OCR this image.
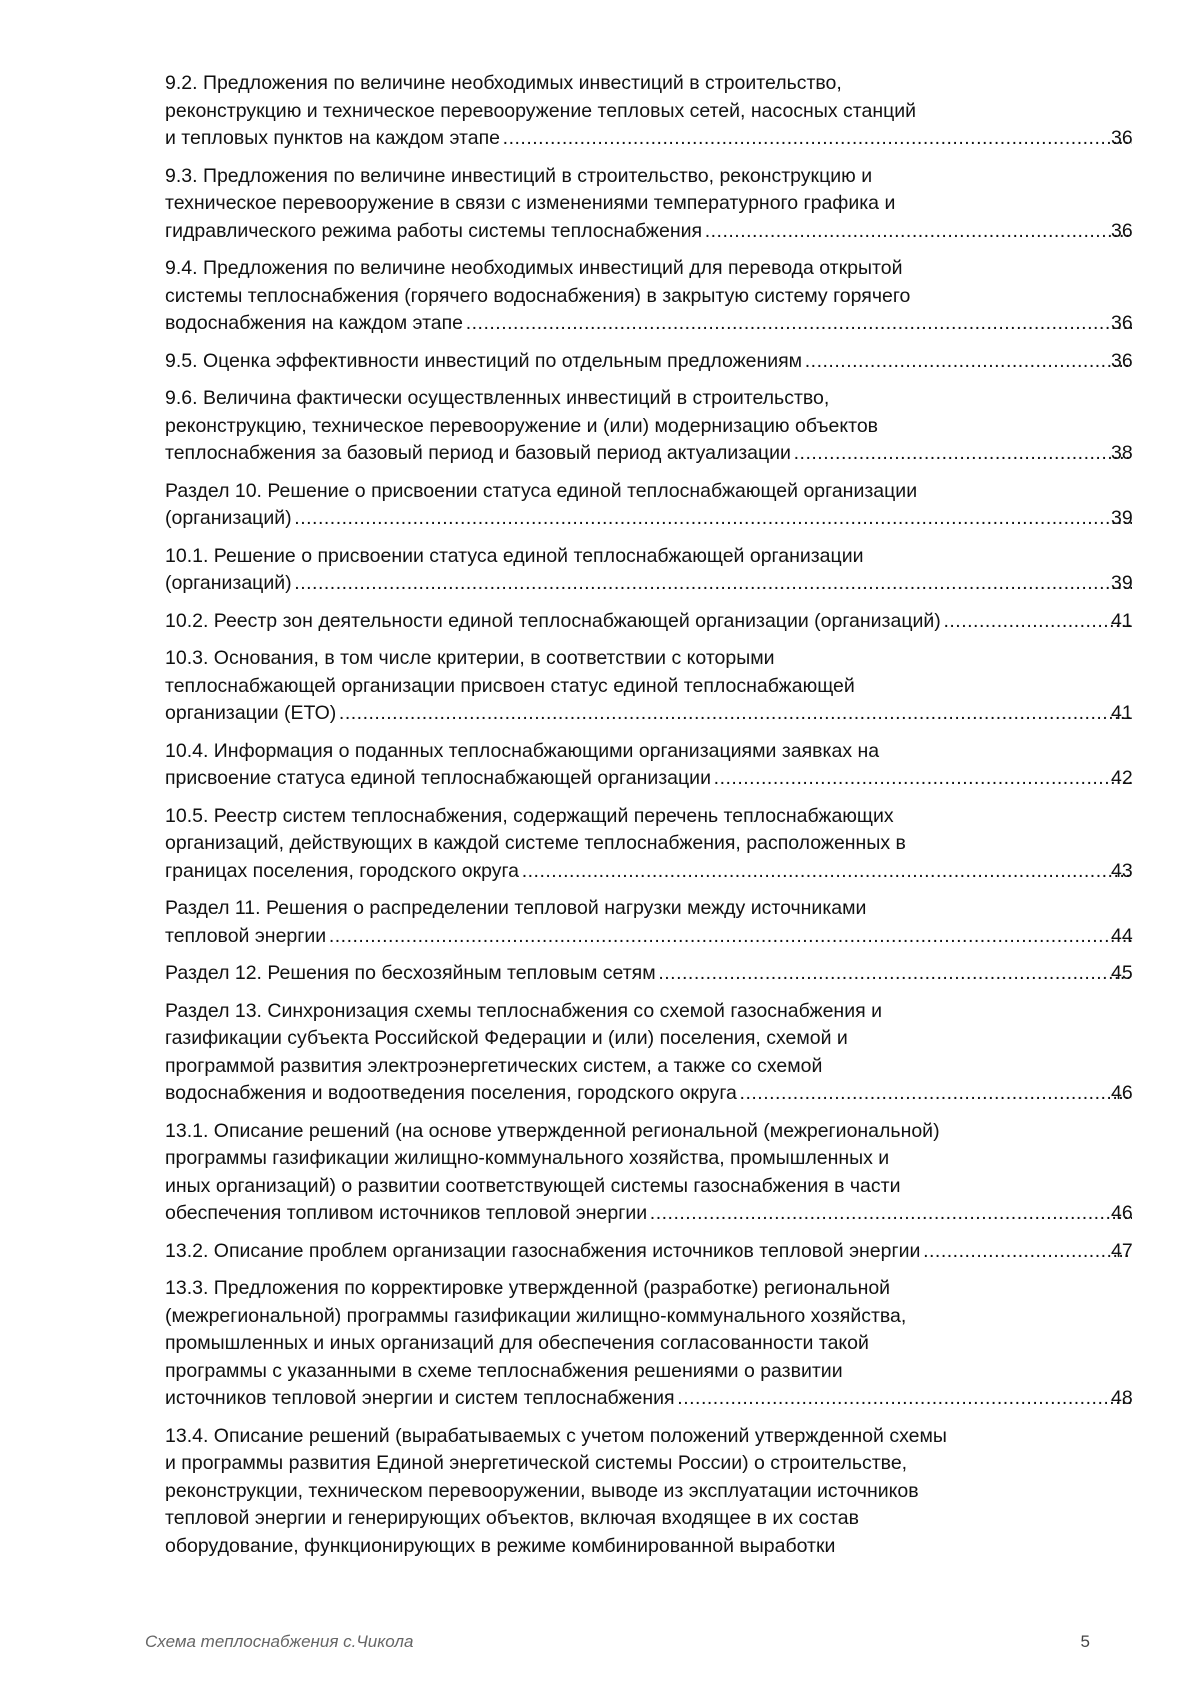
9.2. Предложения по величине необходимых инвестиций в строительство,
реконструкцию и техническое перевооружение тепловых сетей, насосных станций
и тепловых пунктов на каждом этапе .....	36
9.3. Предложения по величине инвестиций в строительство, реконструкцию и
техническое перевооружение в связи с изменениями температурного графика и
гидравлического режима работы системы теплоснабжения .....	36
9.4. Предложения по величине необходимых инвестиций для перевода открытой
системы теплоснабжения (горячего водоснабжения) в закрытую систему горячего
водоснабжения на каждом этапе .....	36
9.5. Оценка эффективности инвестиций по отдельным предложениям .....	36
9.6. Величина фактически осуществленных инвестиций в строительство,
реконструкцию, техническое перевооружение и (или) модернизацию объектов
теплоснабжения за базовый период и базовый период актуализации .....	38
Раздел 10. Решение о присвоении статуса единой теплоснабжающей организации
(организаций) .....	39
10.1. Решение о присвоении статуса единой теплоснабжающей организации
(организаций) .....	39
10.2. Реестр зон деятельности единой теплоснабжающей организации (организаций) .....	41
10.3. Основания, в том числе критерии, в соответствии с которыми
теплоснабжающей организации присвоен статус единой теплоснабжающей
организации (ЕТО) .....	41
10.4. Информация о поданных теплоснабжающими организациями заявках на
присвоение статуса единой теплоснабжающей организации .....	42
10.5. Реестр систем теплоснабжения, содержащий перечень теплоснабжающих
организаций, действующих в каждой системе теплоснабжения, расположенных в
границах поселения, городского округа .....	43
Раздел 11. Решения о распределении тепловой нагрузки между источниками
тепловой энергии .....	44
Раздел 12. Решения по бесхозяйным тепловым сетям .....	45
Раздел 13. Синхронизация схемы теплоснабжения со схемой газоснабжения и
газификации субъекта Российской Федерации и (или) поселения, схемой и
программой развития электроэнергетических систем, а также со схемой
водоснабжения и водоотведения поселения, городского округа .....	46
13.1. Описание решений (на основе утвержденной региональной (межрегиональной)
программы газификации жилищно-коммунального хозяйства, промышленных и
иных организаций) о развитии соответствующей системы газоснабжения в части
обеспечения топливом источников тепловой энергии .....	46
13.2. Описание проблем организации газоснабжения источников тепловой энергии .....	47
13.3. Предложения по корректировке утвержденной (разработке) региональной
(межрегиональной) программы газификации жилищно-коммунального хозяйства,
промышленных и иных организаций для обеспечения согласованности такой
программы с указанными в схеме теплоснабжения решениями о развитии
источников тепловой энергии и систем теплоснабжения .....	48
13.4. Описание решений (вырабатываемых с учетом положений утвержденной схемы
и программы развития Единой энергетической системы России) о строительстве,
реконструкции, техническом перевооружении, выводе из эксплуатации источников
тепловой энергии и генерирующих объектов, включая входящее в их состав
оборудование, функционирующих в режиме комбинированной выработки
Схема теплоснабжения с.Чикола	5
